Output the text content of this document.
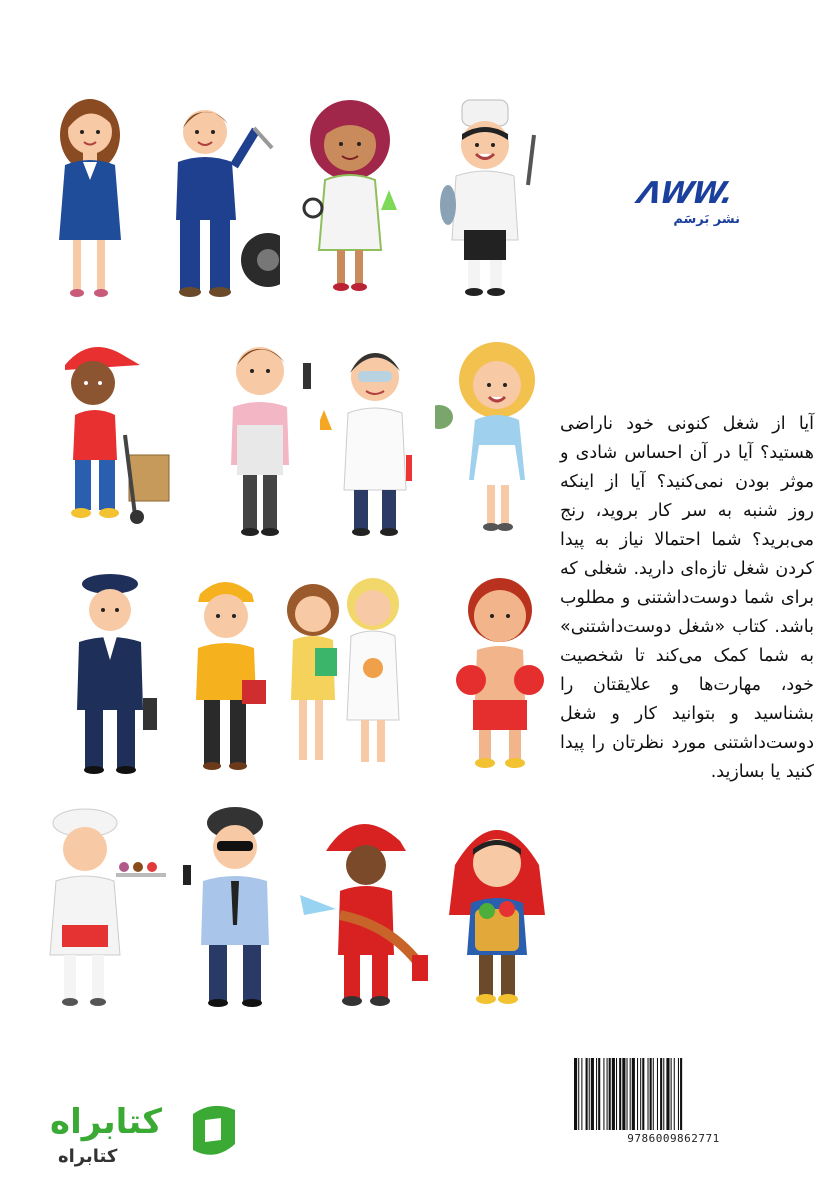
ɅWW.
نشر بَرسَم

آیا از شغل کنونی خود ناراضی هستید؟ آیا در آن احساس شادی و موثر بودن نمی‌کنید؟ آیا از اینکه روز شنبه به سر کار بروید، رنج می‌برید؟ شما احتمالا نیاز به پیدا کردن شغل تازه‌ای دارید. شغلی که برای شما دوست‌داشتنی و مطلوب باشد. کتاب «شغل دوست‌داشتنی» به شما کمک می‌کند تا شخصیت خود، مهارت‌ها و علایقتان را بشناسید و بتوانید کار و شغل دوست‌داشتنی مورد نظرتان را پیدا کنید یا بسازید.

9786009862771
کتابراه
کتابراه
